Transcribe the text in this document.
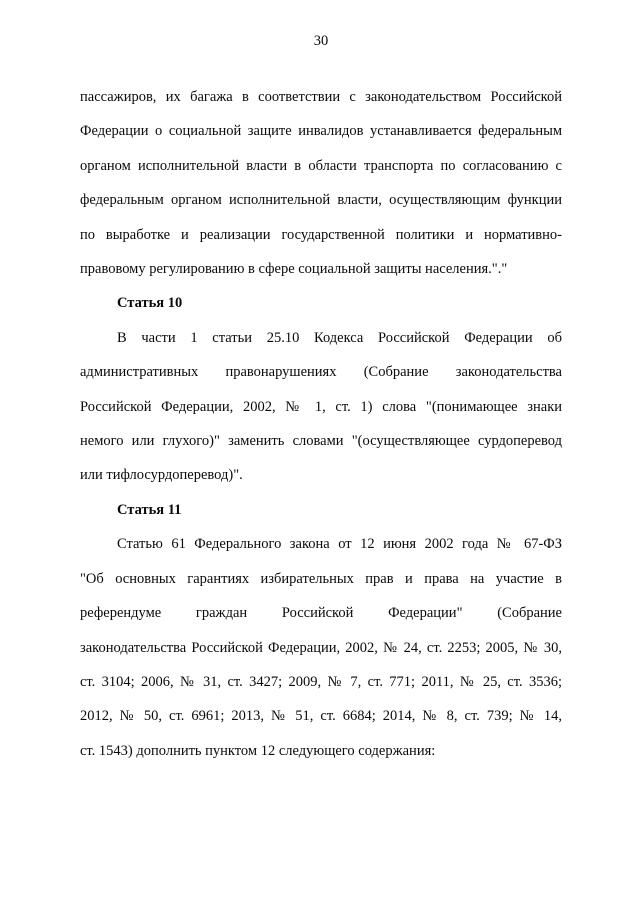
30
пассажиров, их багажа в соответствии с законодательством Российской
Федерации о социальной защите инвалидов устанавливается федеральным
органом исполнительной власти в области транспорта по согласованию с
федеральным органом исполнительной власти, осуществляющим функции
по выработке и реализации государственной политики и нормативно-
правовому регулированию в сфере социальной защиты населения."."
Статья 10
В части 1 статьи 25.10 Кодекса Российской Федерации об
административных правонарушениях (Собрание законодательства
Российской Федерации, 2002, № 1, ст. 1) слова "(понимающее знаки
немого или глухого)" заменить словами "(осуществляющее сурдоперевод
или тифлосурдоперевод)".
Статья 11
Статью 61 Федерального закона от 12 июня 2002 года № 67-ФЗ
"Об основных гарантиях избирательных прав и права на участие в
референдуме граждан Российской Федерации" (Собрание
законодательства Российской Федерации, 2002, № 24, ст. 2253; 2005, № 30,
ст. 3104; 2006, № 31, ст. 3427; 2009, № 7, ст. 771; 2011, № 25, ст. 3536;
2012, № 50, ст. 6961; 2013, № 51, ст. 6684; 2014, № 8, ст. 739; № 14,
ст. 1543) дополнить пунктом 12 следующего содержания:
